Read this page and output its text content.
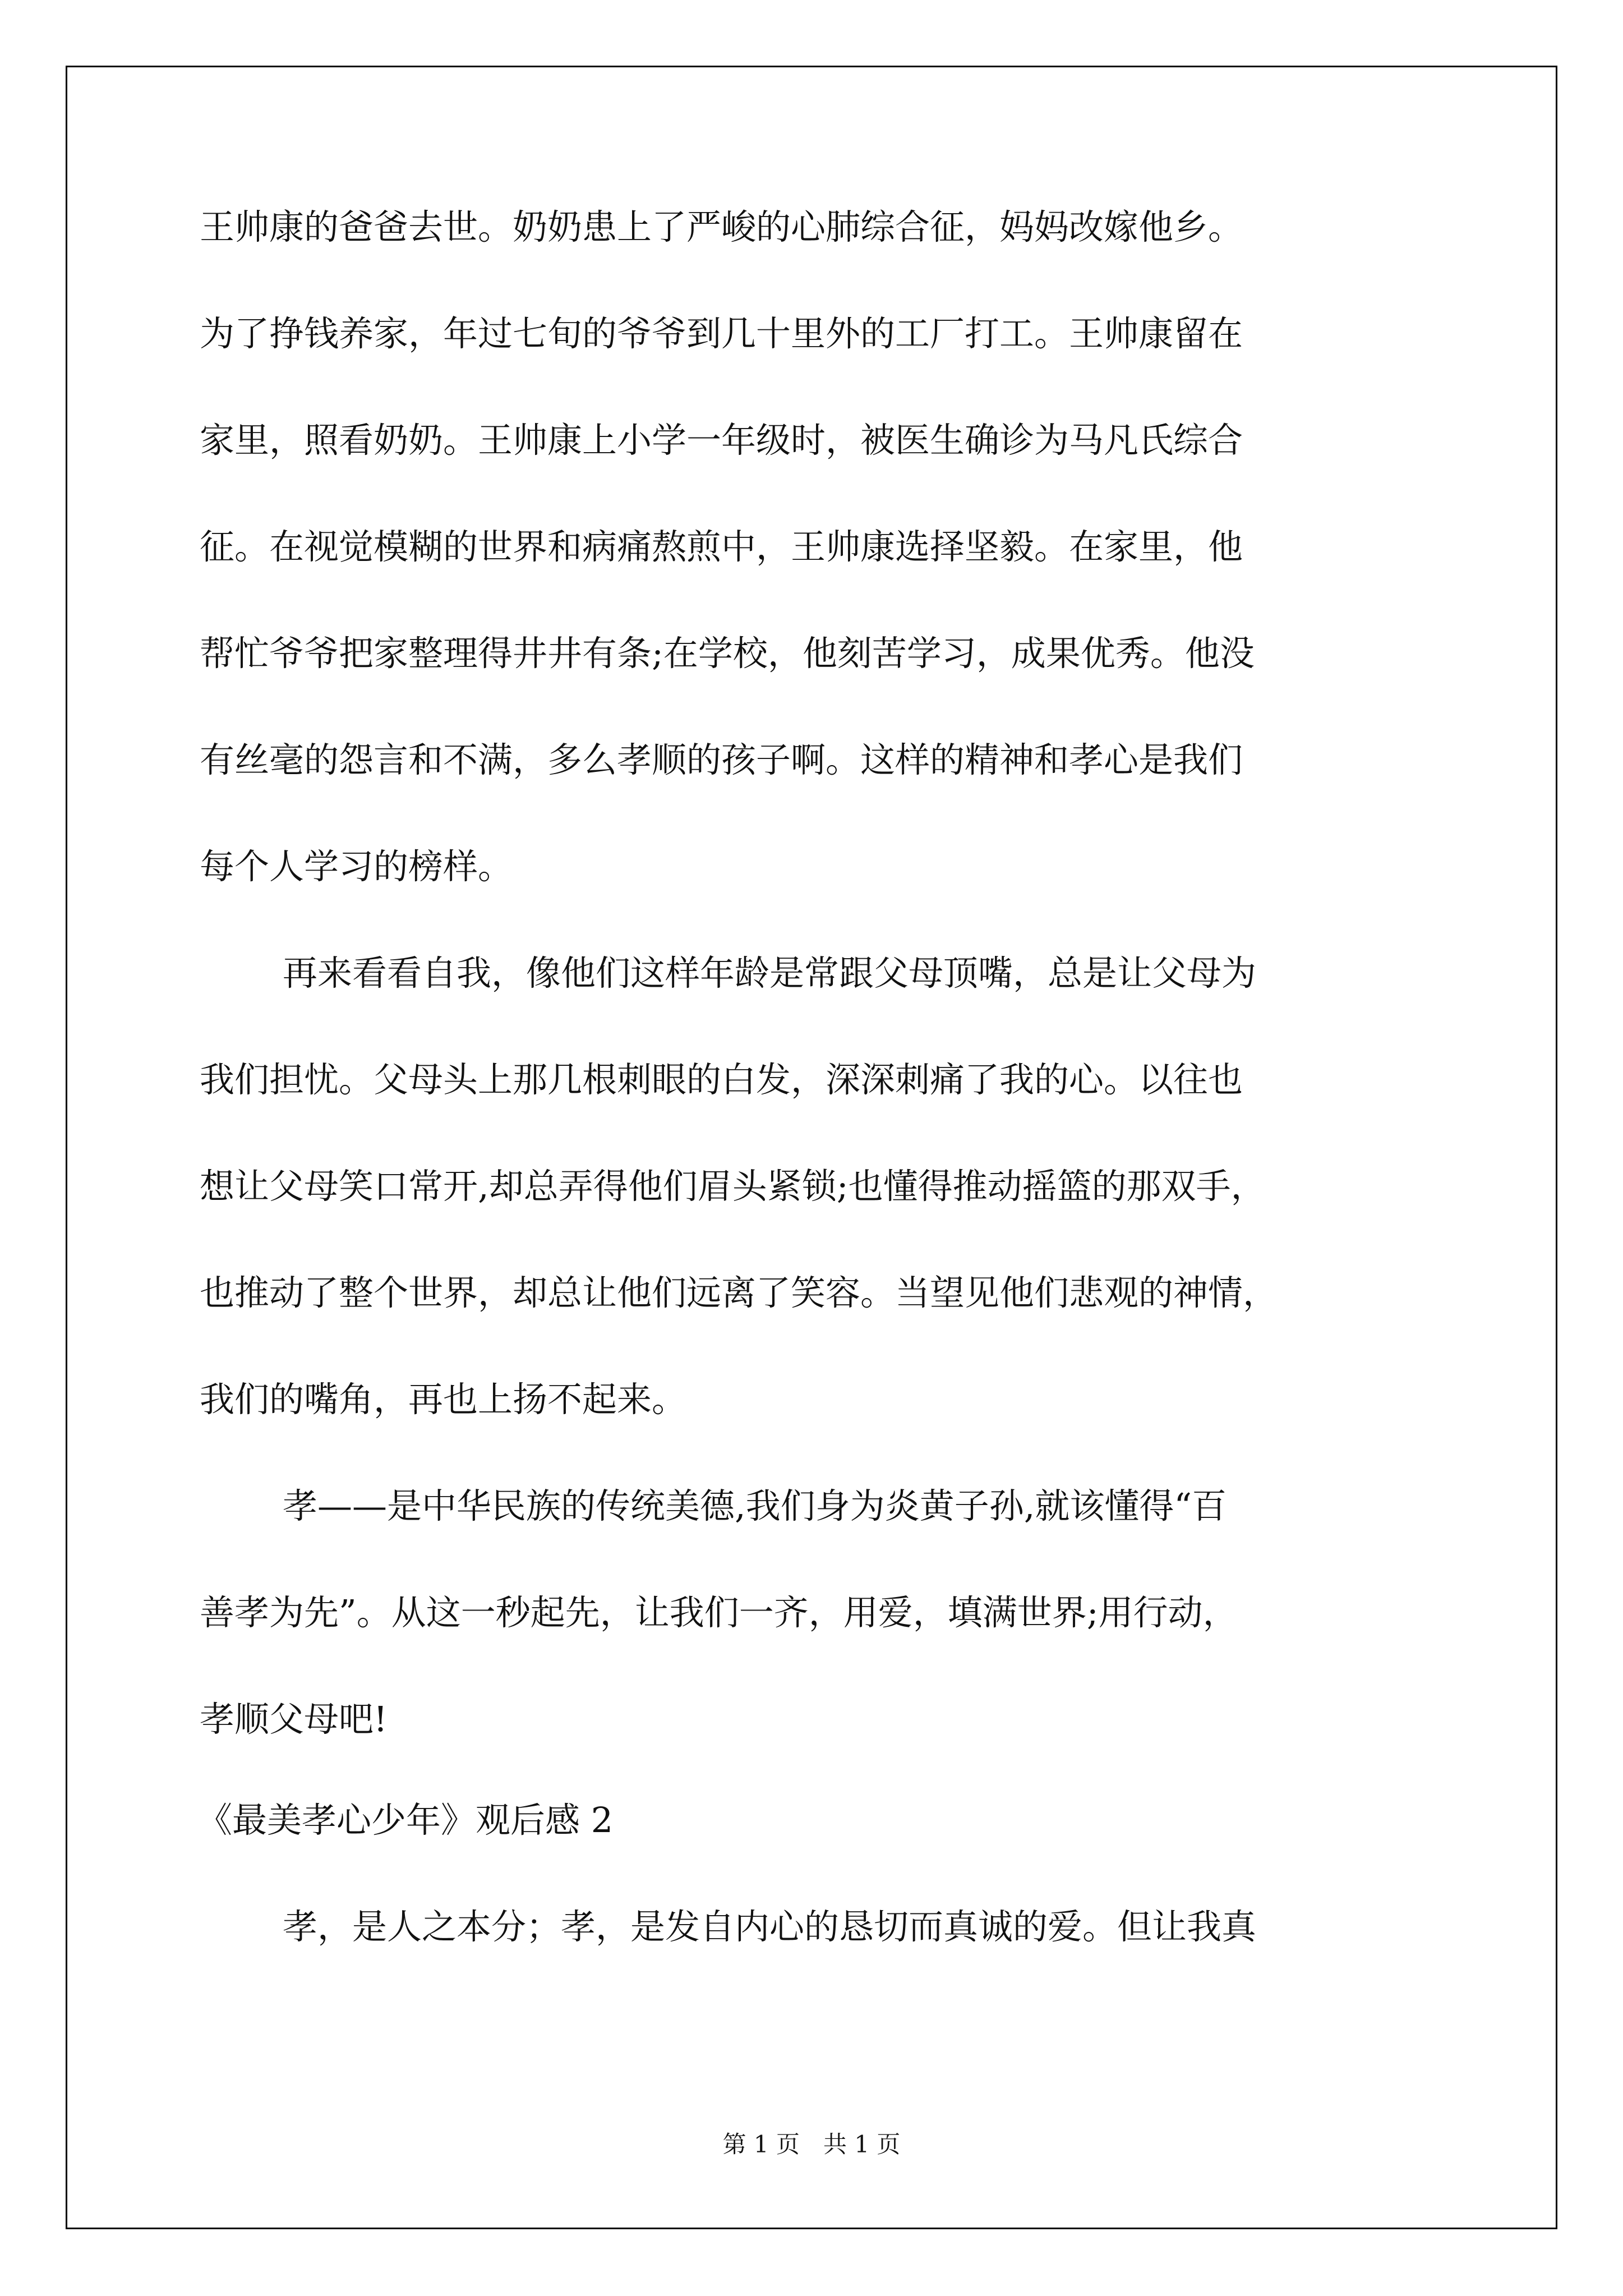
王帅康的爸爸去世。奶奶患上了严峻的心肺综合征，妈妈改嫁他乡。
为了挣钱养家，年过七旬的爷爷到几十里外的工厂打工。王帅康留在
家里，照看奶奶。王帅康上小学一年级时，被医生确诊为马凡氏综合
征。在视觉模糊的世界和病痛熬煎中，王帅康选择坚毅。在家里，他
帮忙爷爷把家整理得井井有条;在学校，他刻苦学习，成果优秀。他没
有丝毫的怨言和不满，多么孝顺的孩子啊。这样的精神和孝心是我们
每个人学习的榜样。
再来看看自我，像他们这样年龄是常跟父母顶嘴，总是让父母为
我们担忧。父母头上那几根刺眼的白发，深深刺痛了我的心。以往也
想让父母笑口常开,却总弄得他们眉头紧锁;也懂得推动摇篮的那双手，
也推动了整个世界，却总让他们远离了笑容。当望见他们悲观的神情，
我们的嘴角，再也上扬不起来。
孝——是中华民族的传统美德,我们身为炎黄子孙,就该懂得“百
善孝为先”。从这一秒起先，让我们一齐，用爱，填满世界;用行动，
孝顺父母吧!
《最美孝心少年》观后感 2
孝，是人之本分；孝，是发自内心的恳切而真诚的爱。但让我真
第 1 页　共 1 页
